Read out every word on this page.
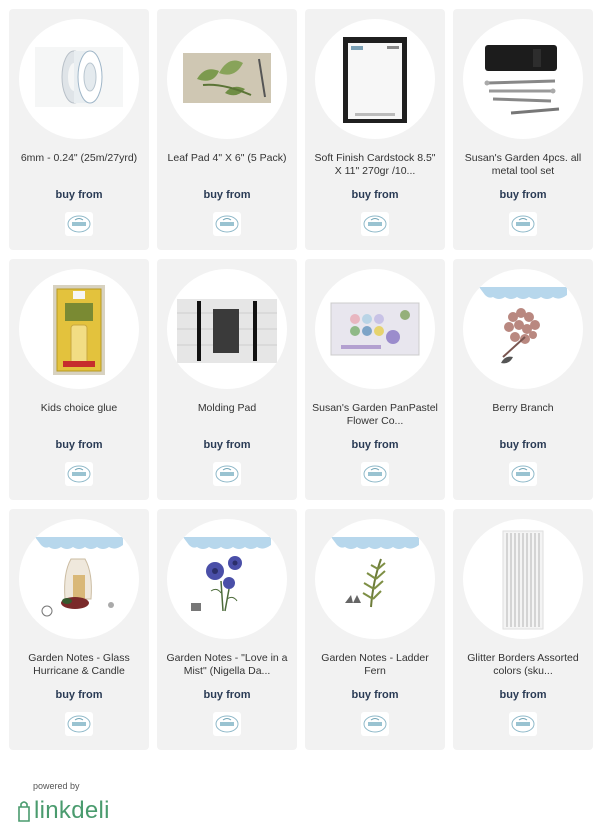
6mm - 0.24" (25m/27yrd)
buy from
Leaf Pad 4" X 6" (5 Pack)
buy from
Soft Finish Cardstock 8.5" X 11" 270gr /10...
buy from
Susan's Garden 4pcs. all metal tool set
buy from
Kids choice glue
buy from
Molding Pad
buy from
Susan's Garden PanPastel Flower Co...
buy from
Berry Branch
buy from
Garden Notes - Glass Hurricane & Candle
buy from
Garden Notes - "Love in a Mist" (Nigella Da...
buy from
Garden Notes - Ladder Fern
buy from
Glitter Borders Assorted colors (sku...
buy from
powered by
linkdeli
